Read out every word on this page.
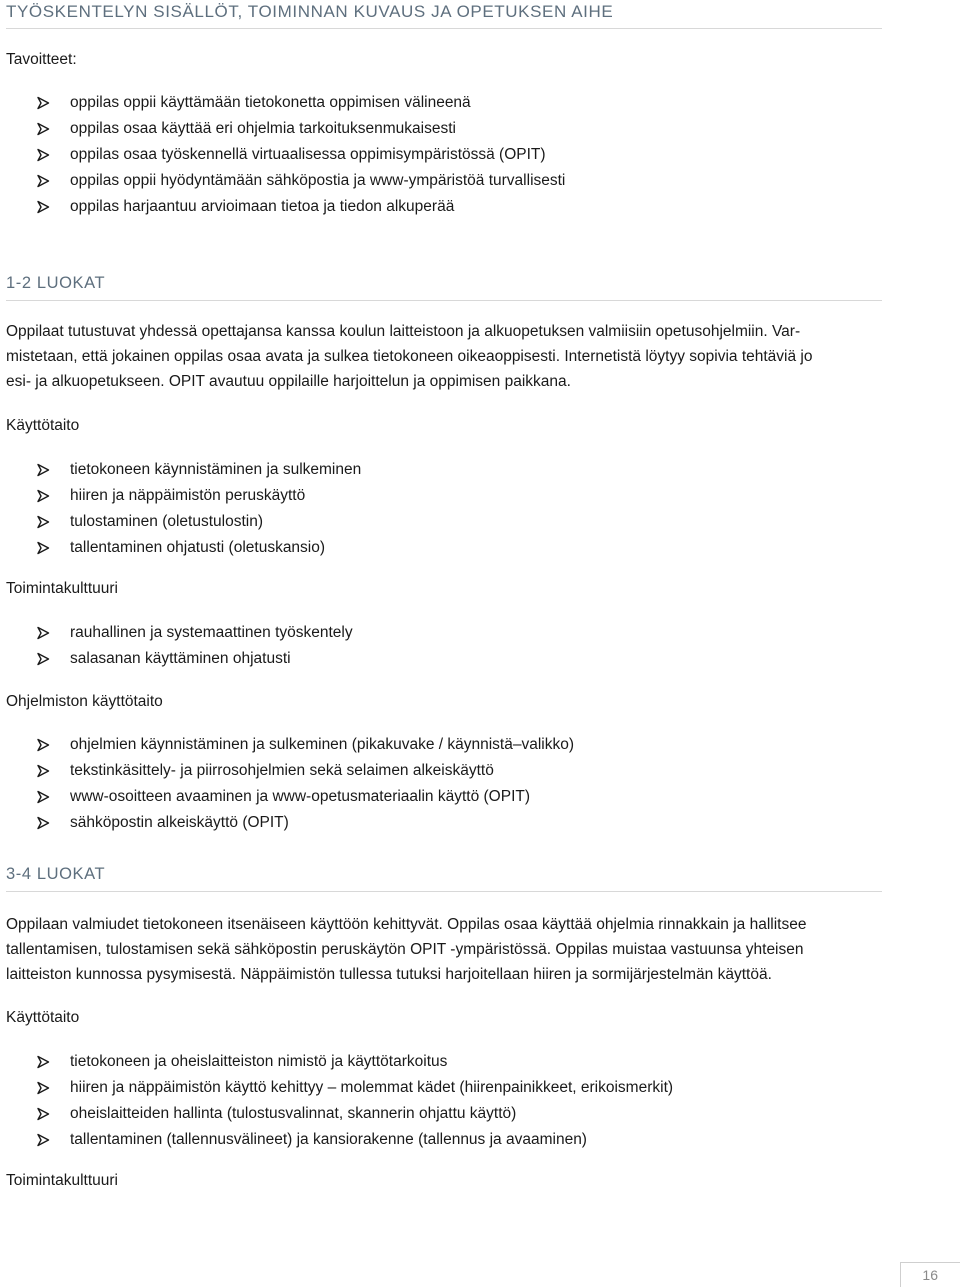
TYÖSKENTELYN SISÄLLÖT, TOIMINNAN KUVAUS JA OPETUKSEN AIHE
Tavoitteet:
oppilas oppii käyttämään tietokonetta oppimisen välineenä
oppilas osaa käyttää eri ohjelmia tarkoituksenmukaisesti
oppilas osaa työskennellä virtuaalisessa oppimisympäristössä (OPIT)
oppilas oppii hyödyntämään sähköpostia ja www-ympäristöä turvallisesti
oppilas harjaantuu arvioimaan tietoa ja tiedon alkuperää
1-2 LUOKAT

Oppilaat tutustuvat yhdessä opettajansa kanssa koulun laitteistoon ja alkuopetuksen valmiisiin opetusohjelmiin. Var-
mistetaan, että jokainen oppilas osaa avata ja sulkea tietokoneen oikeaoppisesti. Internetistä löytyy sopivia tehtäviä jo
esi- ja alkuopetukseen. OPIT avautuu oppilaille harjoittelun ja oppimisen paikkana.

Käyttötaito
tietokoneen käynnistäminen ja sulkeminen
hiiren ja näppäimistön peruskäyttö
tulostaminen (oletustulostin)
tallentaminen ohjatusti (oletuskansio)
Toimintakulttuuri
rauhallinen ja systemaattinen työskentely
salasanan käyttäminen ohjatusti
Ohjelmiston käyttötaito
ohjelmien käynnistäminen ja sulkeminen (pikakuvake / käynnistä–valikko)
tekstinkäsittely- ja piirrosohjelmien sekä selaimen alkeiskäyttö
www-osoitteen avaaminen ja www-opetusmateriaalin käyttö (OPIT)
sähköpostin alkeiskäyttö (OPIT)
3-4 LUOKAT

Oppilaan valmiudet tietokoneen itsenäiseen käyttöön kehittyvät. Oppilas osaa käyttää ohjelmia rinnakkain ja hallitsee
tallentamisen, tulostamisen sekä sähköpostin peruskäytön OPIT -ympäristössä. Oppilas muistaa vastuunsa yhteisen
laitteiston kunnossa pysymisestä. Näppäimistön tullessa tutuksi harjoitellaan hiiren ja sormijärjestelmän käyttöä.

Käyttötaito
tietokoneen ja oheislaitteiston nimistö ja käyttötarkoitus
hiiren ja näppäimistön käyttö kehittyy – molemmat kädet (hiirenpainikkeet, erikoismerkit)
oheislaitteiden hallinta (tulostusvalinnat, skannerin ohjattu käyttö)
tallentaminen (tallennusvälineet) ja kansiorakenne (tallennus ja avaaminen)
Toimintakulttuuri
16
